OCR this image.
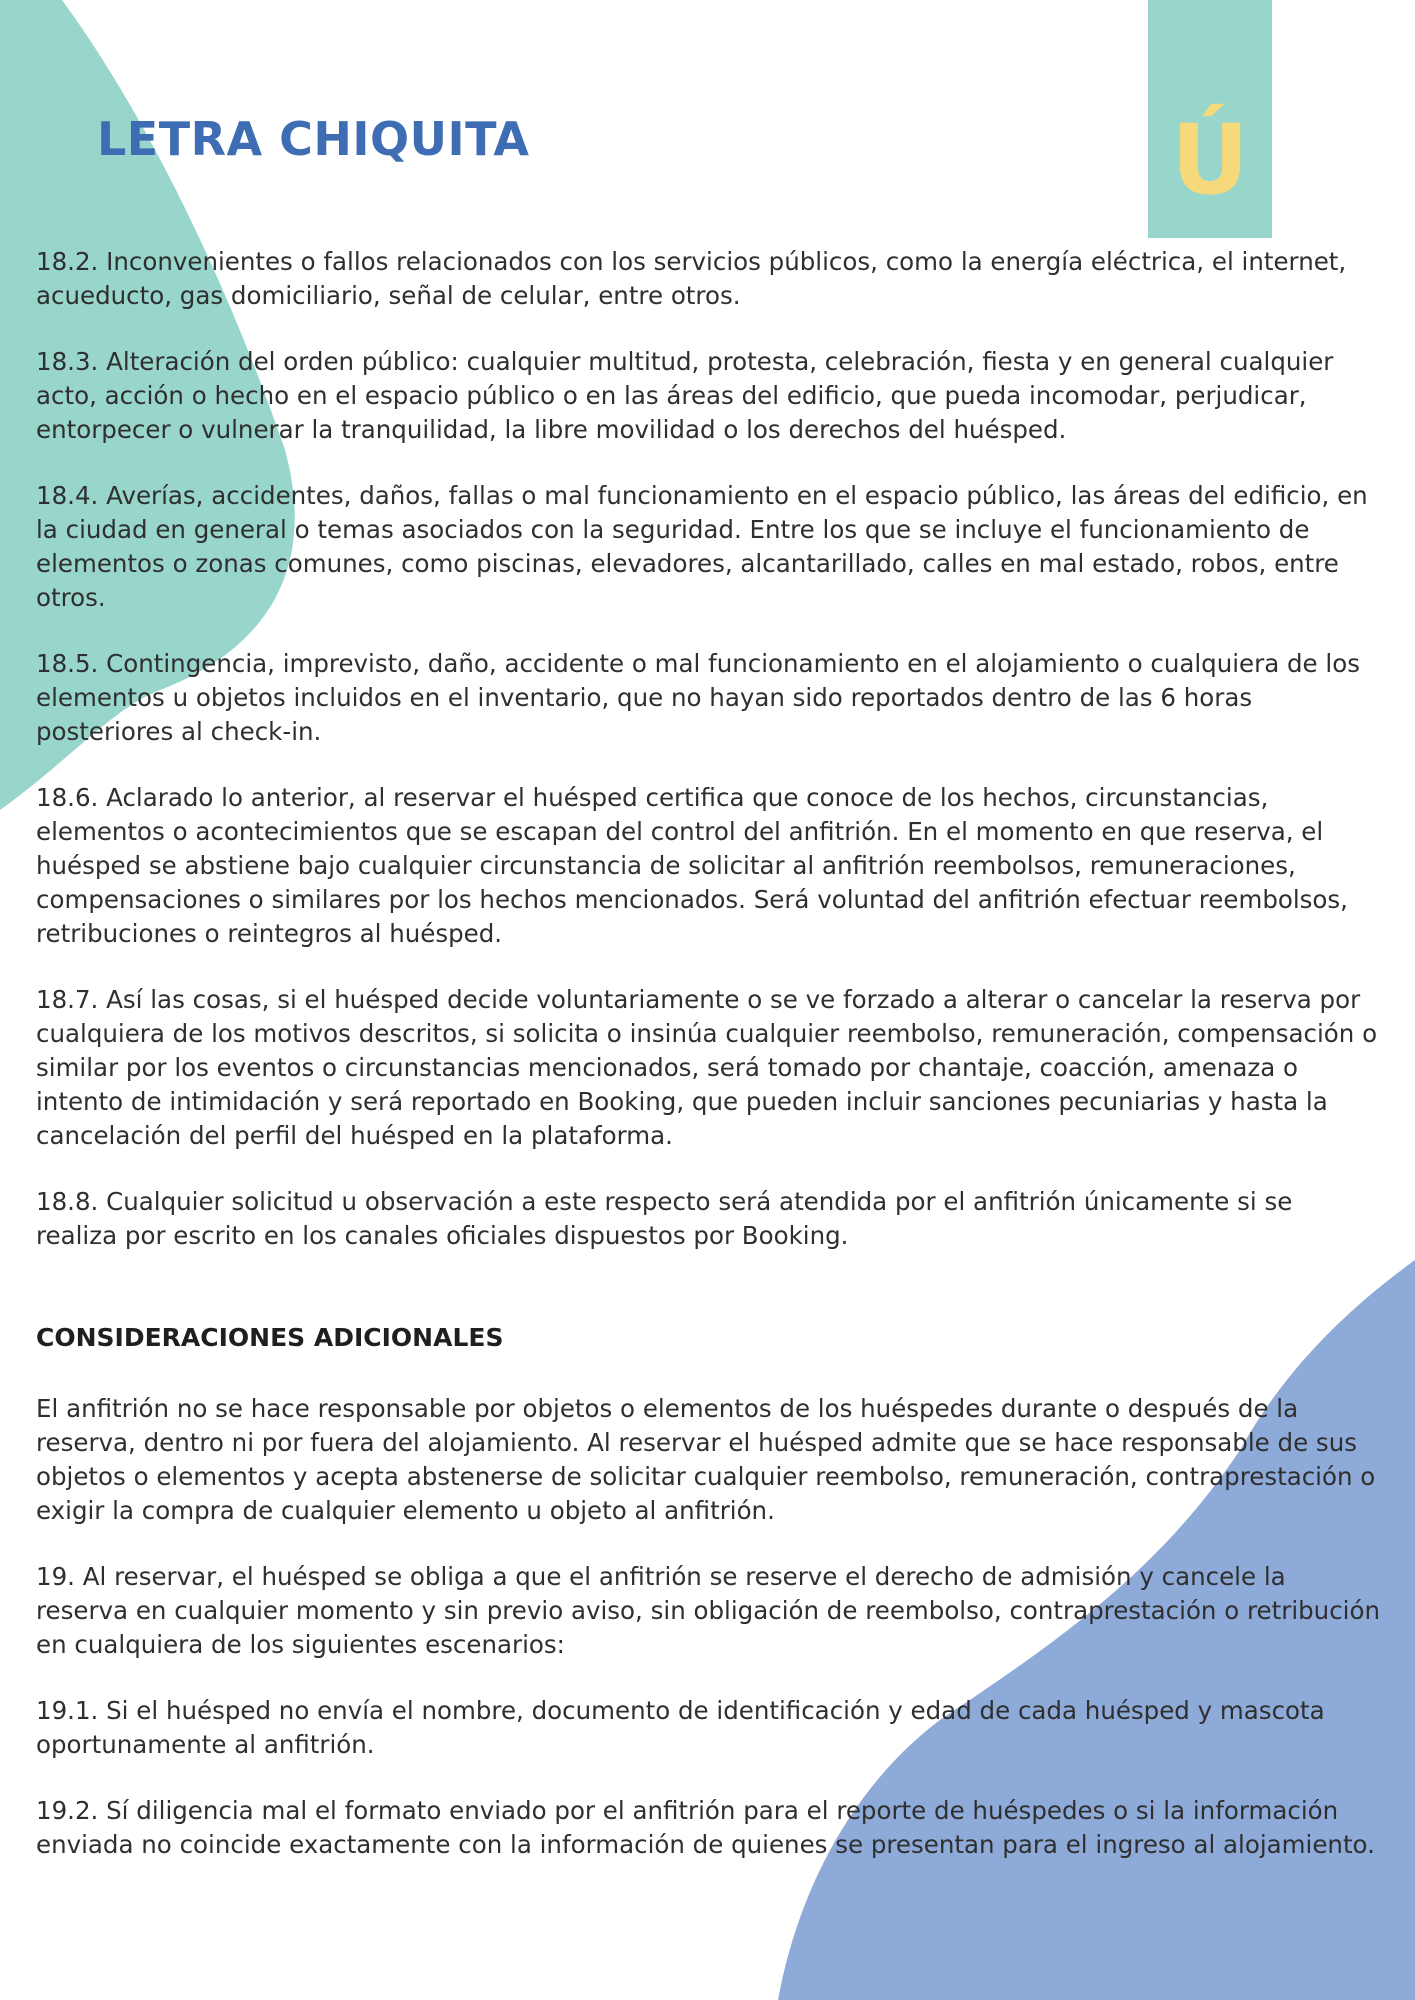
Ú
LETRA CHIQUITA

18.2. Inconvenientes o fallos relacionados con los servicios públicos, como la energía eléctrica, el internet, acueducto, gas domiciliario, señal de celular, entre otros.

18.3. Alteración del orden público: cualquier multitud, protesta, celebración, fiesta y en general cualquier acto, acción o hecho en el espacio público o en las áreas del edificio, que pueda incomodar, perjudicar, entorpecer o vulnerar la tranquilidad, la libre movilidad o los derechos del huésped.

18.4. Averías, accidentes, daños, fallas o mal funcionamiento en el espacio público, las áreas del edificio, en la ciudad en general o temas asociados con la seguridad. Entre los que se incluye el funcionamiento de elementos o zonas comunes, como piscinas, elevadores, alcantarillado, calles en mal estado, robos, entre otros.

18.5. Contingencia, imprevisto, daño, accidente o mal funcionamiento en el alojamiento o cualquiera de los elementos u objetos incluidos en el inventario, que no hayan sido reportados dentro de las 6 horas posteriores al check-in.

18.6. Aclarado lo anterior, al reservar el huésped certifica que conoce de los hechos, circunstancias, elementos o acontecimientos que se escapan del control del anfitrión. En el momento en que reserva, el huésped se abstiene bajo cualquier circunstancia de solicitar al anfitrión reembolsos, remuneraciones, compensaciones o similares por los hechos mencionados. Será voluntad del anfitrión efectuar reembolsos, retribuciones o reintegros al huésped.

18.7. Así las cosas, si el huésped decide voluntariamente o se ve forzado a alterar o cancelar la reserva por cualquiera de los motivos descritos, si solicita o insinúa cualquier reembolso, remuneración, compensación o similar por los eventos o circunstancias mencionados, será tomado por chantaje, coacción, amenaza o intento de intimidación y será reportado en Booking, que pueden incluir sanciones pecuniarias y hasta la cancelación del perfil del huésped en la plataforma.

18.8. Cualquier solicitud u observación a este respecto será atendida por el anfitrión únicamente si se realiza por escrito en los canales oficiales dispuestos por Booking.

CONSIDERACIONES ADICIONALES

El anfitrión no se hace responsable por objetos o elementos de los huéspedes durante o después de la reserva, dentro ni por fuera del alojamiento. Al reservar el huésped admite que se hace responsable de sus objetos o elementos y acepta abstenerse de solicitar cualquier reembolso, remuneración, contraprestación o exigir la compra de cualquier elemento u objeto al anfitrión.

19. Al reservar, el huésped se obliga a que el anfitrión se reserve el derecho de admisión y cancele la reserva en cualquier momento y sin previo aviso, sin obligación de reembolso, contraprestación o retribución en cualquiera de los siguientes escenarios:

19.1. Si el huésped no envía el nombre, documento de identificación y edad de cada huésped y mascota oportunamente al anfitrión.

19.2. Sí diligencia mal el formato enviado por el anfitrión para el reporte de huéspedes o si la información enviada no coincide exactamente con la información de quienes se presentan para el ingreso al alojamiento.
